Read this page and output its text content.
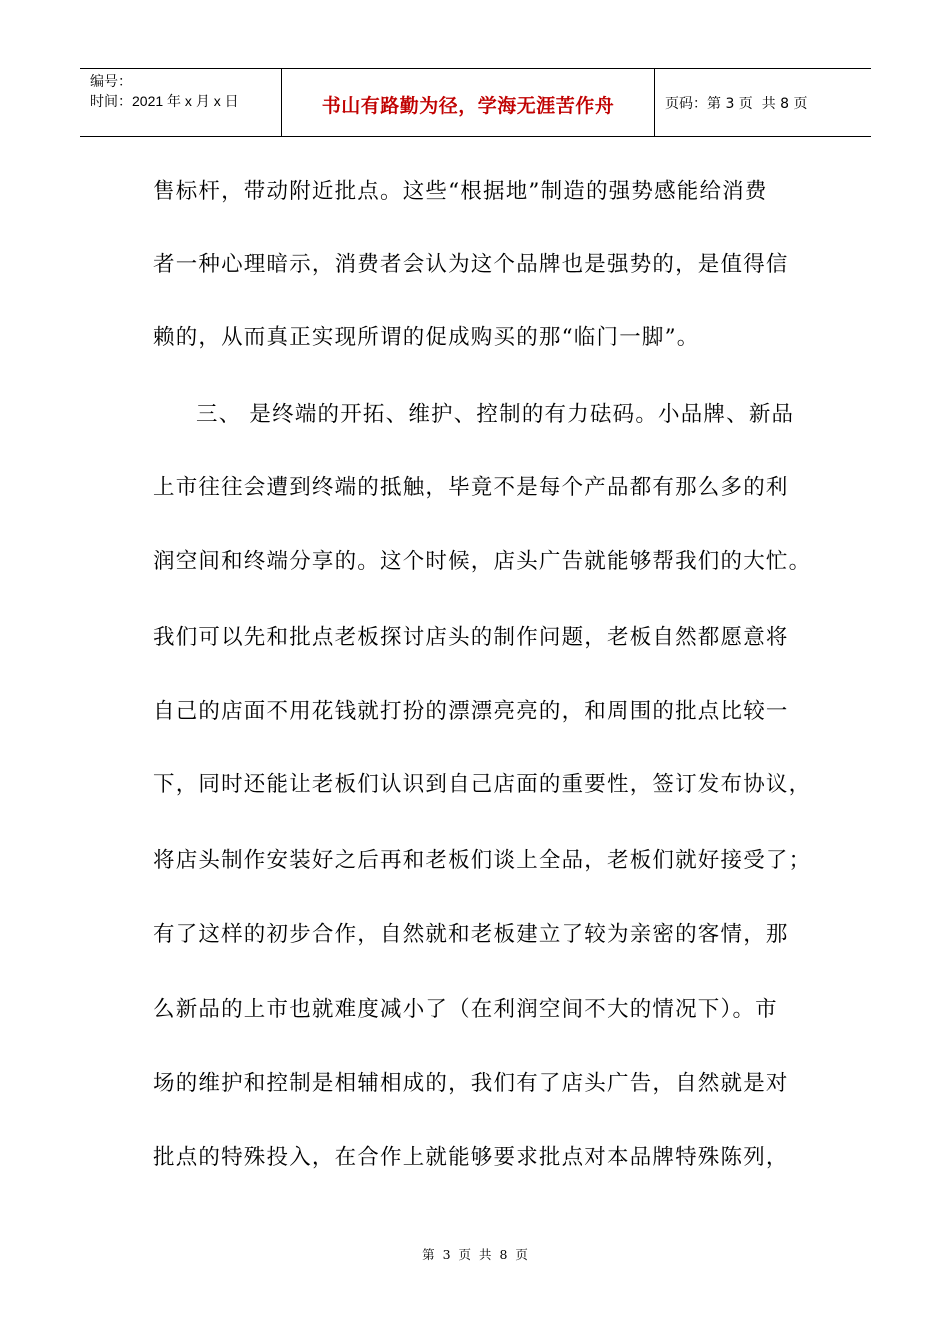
编号：
时间：2021 年 x 月 x 日	书山有路勤为径，学海无涯苦作舟	页码：第 3 页  共 8 页
售标杆，带动附近批点。这些“根据地”制造的强势感能给消费
者一种心理暗示，消费者会认为这个品牌也是强势的，是值得信
赖的，从而真正实现所谓的促成购买的那“临门一脚”。
三、 是终端的开拓、维护、控制的有力砝码。小品牌、新品
上市往往会遭到终端的抵触，毕竟不是每个产品都有那么多的利
润空间和终端分享的。这个时候，店头广告就能够帮我们的大忙。
我们可以先和批点老板探讨店头的制作问题，老板自然都愿意将
自己的店面不用花钱就打扮的漂漂亮亮的，和周围的批点比较一
下，同时还能让老板们认识到自己店面的重要性，签订发布协议，
将店头制作安装好之后再和老板们谈上全品，老板们就好接受了；
有了这样的初步合作，自然就和老板建立了较为亲密的客情，那
么新品的上市也就难度减小了（在利润空间不大的情况下）。市
场的维护和控制是相辅相成的，我们有了店头广告，自然就是对
批点的特殊投入，在合作上就能够要求批点对本品牌特殊陈列，
第 3 页 共 8 页
